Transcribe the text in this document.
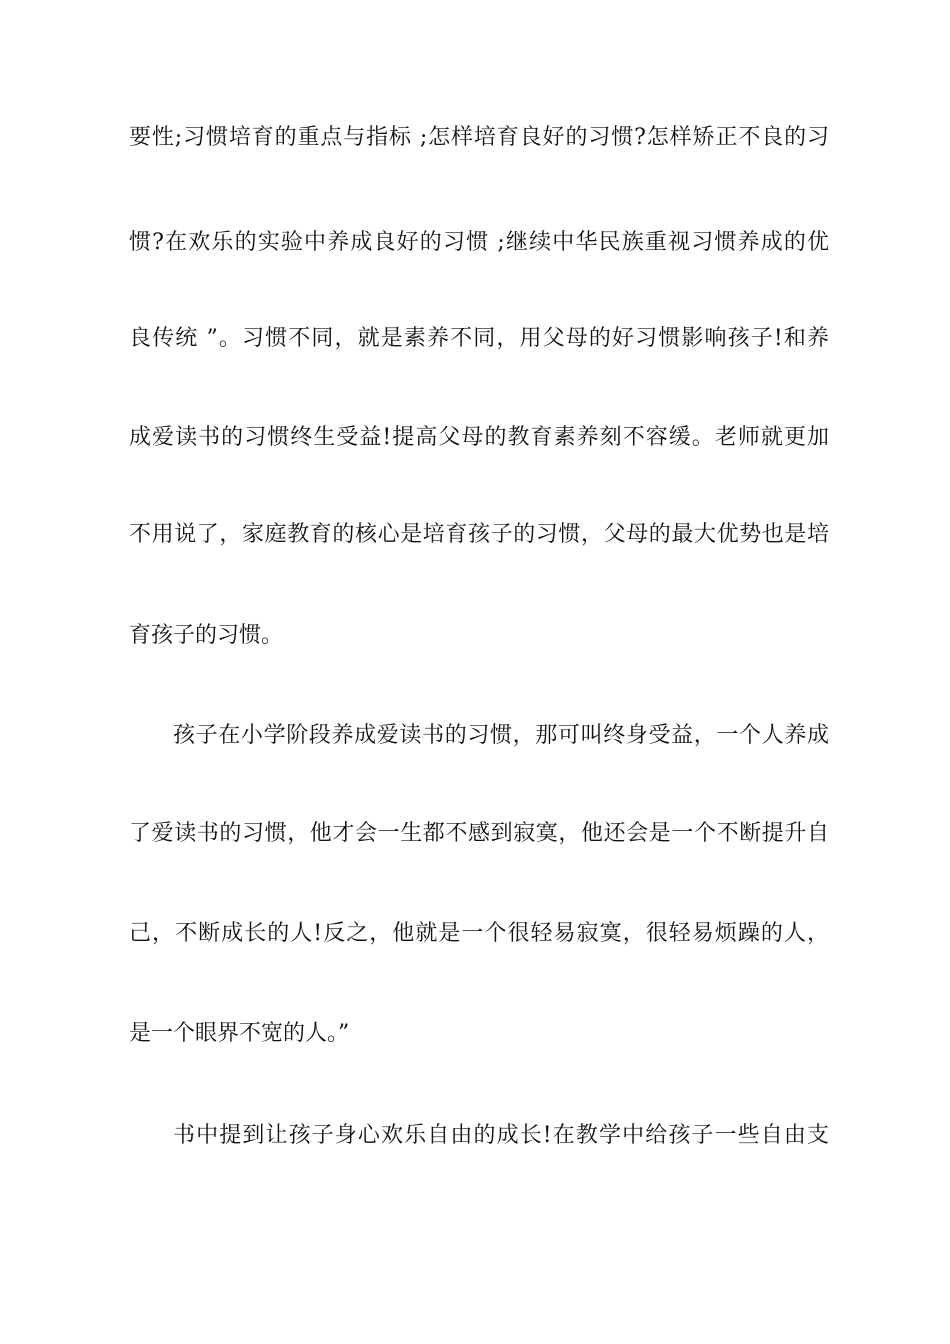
要性;习惯培育的重点与指标 ;怎样培育良好的习惯?怎样矫正不良的习

惯?在欢乐的实验中养成良好的习惯 ;继续中华民族重视习惯养成的优

良传统 ”。习惯不同，就是素养不同，用父母的好习惯影响孩子!和养

成爱读书的习惯终生受益!提高父母的教育素养刻不容缓。老师就更加

不用说了，家庭教育的核心是培育孩子的习惯，父母的最大优势也是培

育孩子的习惯。

孩子在小学阶段养成爱读书的习惯，那可叫终身受益，一个人养成

了爱读书的习惯，他才会一生都不感到寂寞，他还会是一个不断提升自

己，不断成长的人!反之，他就是一个很轻易寂寞，很轻易烦躁的人，

是一个眼界不宽的人。”

书中提到让孩子身心欢乐自由的成长!在教学中给孩子一些自由支
